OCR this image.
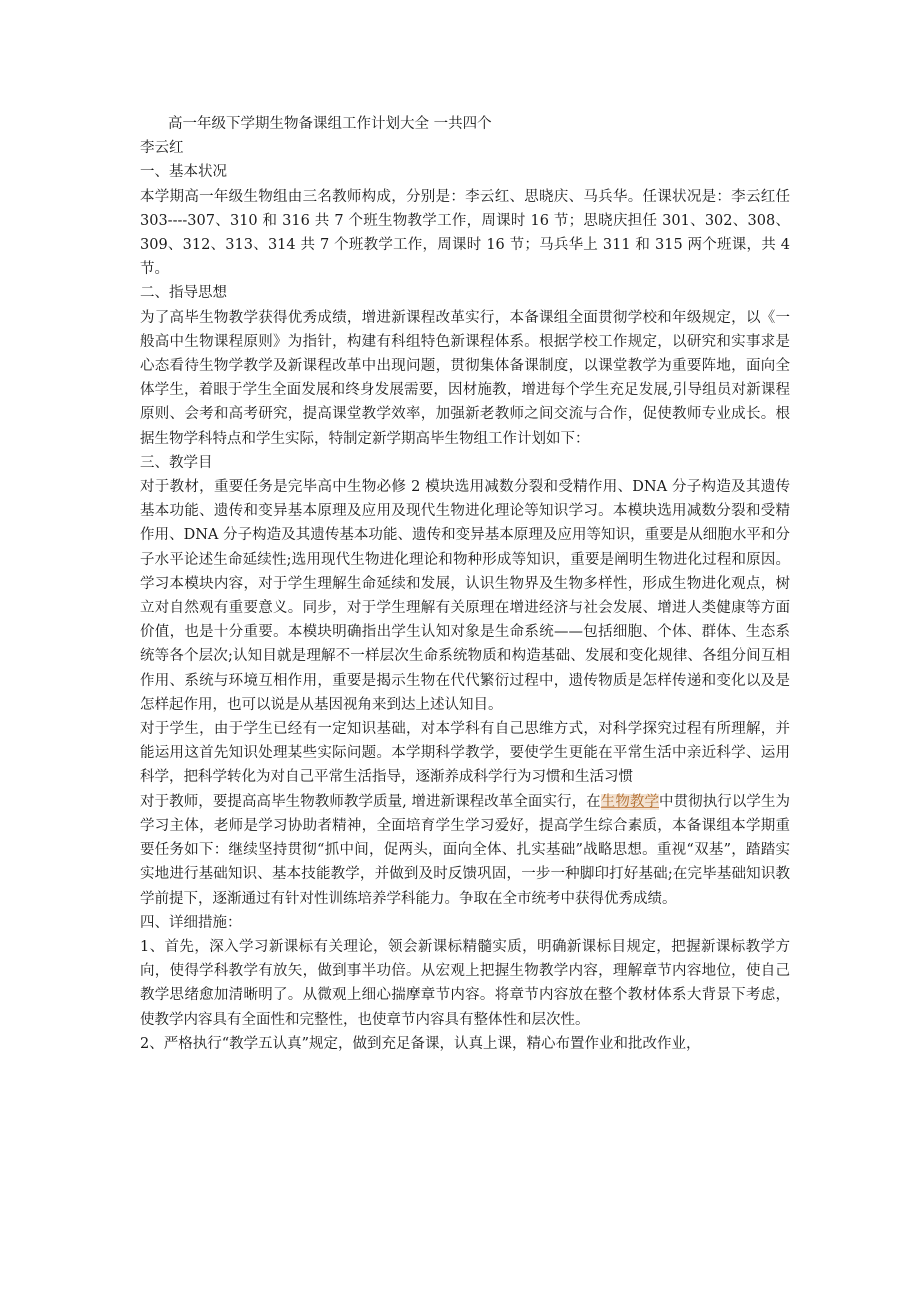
高一年级下学期生物备课组工作计划大全 一共四个
李云红
一、基本状况
本学期高一年级生物组由三名教师构成，分别是：李云红、思晓庆、马兵华。任课状况是：李云红任 303----307、310 和 316 共 7 个班生物教学工作，周课时 16 节；思晓庆担任 301、302、308、309、312、313、314 共 7 个班教学工作，周课时 16 节；马兵华上 311 和 315 两个班课，共 4 节。
二、指导思想
为了高毕生物教学获得优秀成绩，增进新课程改革实行，本备课组全面贯彻学校和年级规定，以《一般高中生物课程原则》为指针，构建有科组特色新课程体系。根据学校工作规定，以研究和实事求是心态看待生物学教学及新课程改革中出现问题，贯彻集体备课制度，以课堂教学为重要阵地，面向全体学生，着眼于学生全面发展和终身发展需要，因材施教，增进每个学生充足发展,引导组员对新课程原则、会考和高考研究，提高课堂教学效率，加强新老教师之间交流与合作，促使教师专业成长。根据生物学科特点和学生实际，特制定新学期高毕生物组工作计划如下：
三、教学目
对于教材，重要任务是完毕高中生物必修 2 模块选用减数分裂和受精作用、DNA 分子构造及其遗传基本功能、遗传和变异基本原理及应用及现代生物进化理论等知识学习。本模块选用减数分裂和受精作用、DNA 分子构造及其遗传基本功能、遗传和变异基本原理及应用等知识，重要是从细胞水平和分子水平论述生命延续性;选用现代生物进化理论和物种形成等知识，重要是阐明生物进化过程和原因。学习本模块内容，对于学生理解生命延续和发展，认识生物界及生物多样性，形成生物进化观点，树立对自然观有重要意义。同步，对于学生理解有关原理在增进经济与社会发展、增进人类健康等方面价值，也是十分重要。本模块明确指出学生认知对象是生命系统——包括细胞、个体、群体、生态系统等各个层次;认知目就是理解不一样层次生命系统物质和构造基础、发展和变化规律、各组分间互相作用、系统与环境互相作用，重要是揭示生物在代代繁衍过程中，遗传物质是怎样传递和变化以及是怎样起作用，也可以说是从基因视角来到达上述认知目。
对于学生，由于学生已经有一定知识基础，对本学科有自己思维方式，对科学探究过程有所理解，并能运用这首先知识处理某些实际问题。本学期科学教学，要使学生更能在平常生活中亲近科学、运用科学，把科学转化为对自己平常生活指导，逐渐养成科学行为习惯和生活习惯
对于教师，要提高高毕生物教师教学质量, 增进新课程改革全面实行，在生物教学中贯彻执行以学生为学习主体，老师是学习协助者精神，全面培育学生学习爱好，提高学生综合素质，本备课组本学期重要任务如下：继续坚持贯彻“抓中间，促两头，面向全体、扎实基础”战略思想。重视“双基”，踏踏实实地进行基础知识、基本技能教学，并做到及时反馈巩固，一步一种脚印打好基础;在完毕基础知识教学前提下，逐渐通过有针对性训练培养学科能力。争取在全市统考中获得优秀成绩。
四、详细措施：
1、首先，深入学习新课标有关理论，领会新课标精髓实质，明确新课标目规定，把握新课标教学方向，使得学科教学有放矢，做到事半功倍。从宏观上把握生物教学内容，理解章节内容地位，使自己教学思绪愈加清晰明了。从微观上细心揣摩章节内容。将章节内容放在整个教材体系大背景下考虑，使教学内容具有全面性和完整性，也使章节内容具有整体性和层次性。
2、严格执行“教学五认真”规定，做到充足备课，认真上课，精心布置作业和批改作业，
